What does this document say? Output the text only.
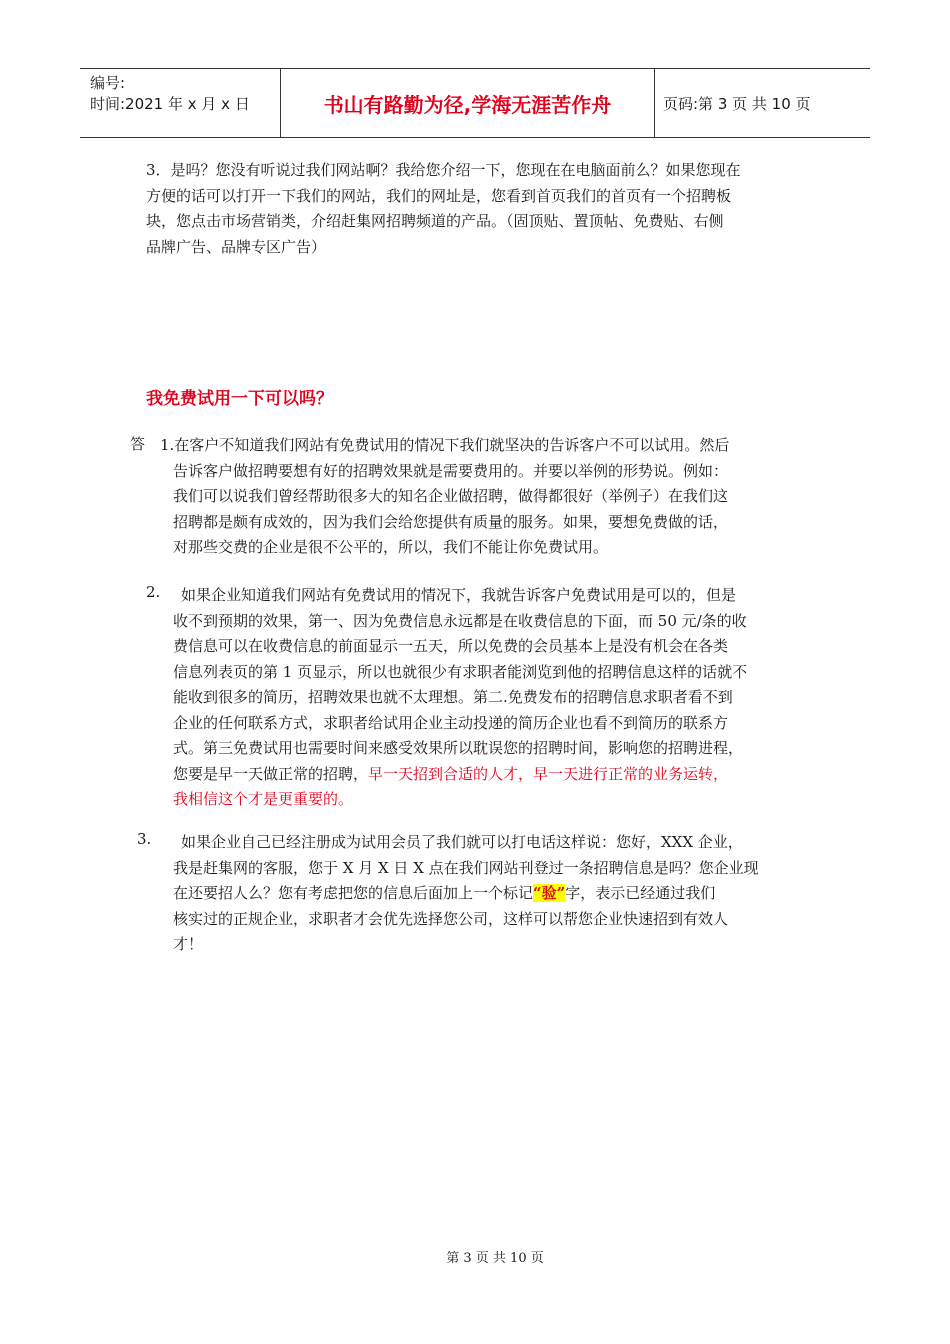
编号:
时间:2021 年 x 月 x 日	书山有路勤为径,学海无涯苦作舟	页码:第 3 页 共 10 页
3．是吗？您没有听说过我们网站啊？我给您介绍一下，您现在在电脑面前么？如果您现在
方便的话可以打开一下我们的网站，我们的网址是，您看到首页我们的首页有一个招聘板
块，您点击市场营销类，介绍赶集网招聘频道的产品。（固顶贴、置顶帖、免费贴、右侧
品牌广告、品牌专区广告）
我免费试用一下可以吗？
答 1.在客户不知道我们网站有免费试用的情况下我们就坚决的告诉客户不可以试用。然后
告诉客户做招聘要想有好的招聘效果就是需要费用的。并要以举例的形势说。例如：
我们可以说我们曾经帮助很多大的知名企业做招聘，做得都很好（举例子）在我们这
招聘都是颇有成效的，因为我们会给您提供有质量的服务。如果，要想免费做的话，
对那些交费的企业是很不公平的，所以，我们不能让你免费试用。
2.	如果企业知道我们网站有免费试用的情况下，我就告诉客户免费试用是可以的，但是
收不到预期的效果，第一、因为免费信息永远都是在收费信息的下面，而 50 元/条的收
费信息可以在收费信息的前面显示一五天，所以免费的会员基本上是没有机会在各类
信息列表页的第 1 页显示，所以也就很少有求职者能浏览到他的招聘信息这样的话就不
能收到很多的简历，招聘效果也就不太理想。第二.免费发布的招聘信息求职者看不到
企业的任何联系方式，求职者给试用企业主动投递的简历企业也看不到简历的联系方
式。第三免费试用也需要时间来感受效果所以耽误您的招聘时间，影响您的招聘进程，
您要是早一天做正常的招聘，早一天招到合适的人才，早一天进行正常的业务运转，
我相信这个才是更重要的。
3.	如果企业自己已经注册成为试用会员了我们就可以打电话这样说：您好，XXX 企业，
我是赶集网的客服，您于 X 月 X 日 X 点在我们网站刊登过一条招聘信息是吗？您企业现
在还要招人么？您有考虑把您的信息后面加上一个标记“验”字，表示已经通过我们
核实过的正规企业，求职者才会优先选择您公司，这样可以帮您企业快速招到有效人
才！
第 3 页 共 10 页
